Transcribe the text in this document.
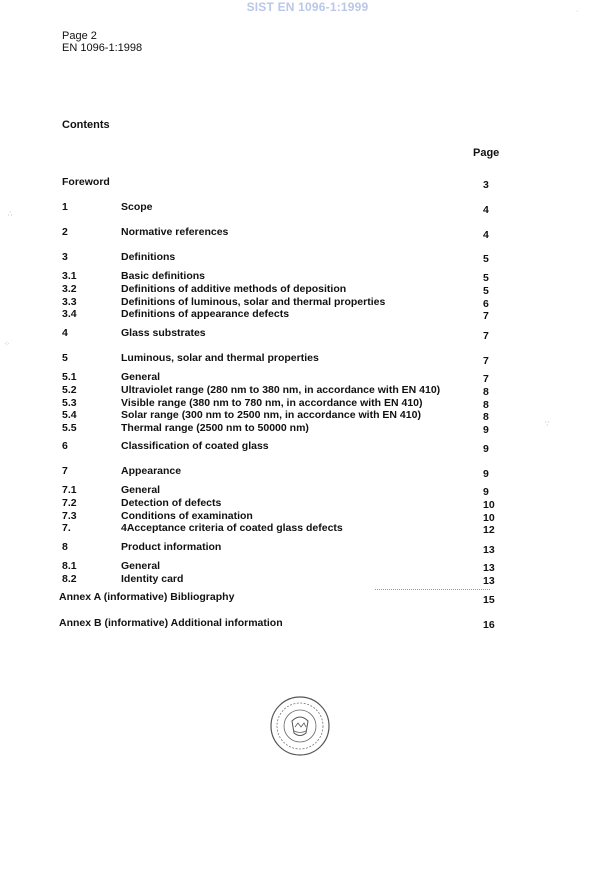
SIST EN 1096-1:1999
Page 2
EN 1096-1:1998
Contents
Page
Foreword	3
1	Scope	4
2	Normative references	4
3	Definitions	5
3.1	Basic definitions	5
3.2	Definitions of additive methods of deposition	5
3.3	Definitions of luminous, solar and thermal properties	6
3.4	Definitions of appearance defects	7
4	Glass substrates	7
5	Luminous, solar and thermal properties	7
5.1	General	7
5.2	Ultraviolet range (280 nm to 380 nm, in accordance with EN 410)	8
5.3	Visible range (380 nm to 780 nm, in accordance with EN 410)	8
5.4	Solar range (300 nm to 2500 nm, in accordance with EN 410)	8
5.5	Thermal range (2500 nm to 50000 nm)	9
6	Classification of coated glass	9
7	Appearance	9
7.1	General	9
7.2	Detection of defects	10
7.3	Conditions of examination	10
7.	4Acceptance criteria of coated glass defects	12
8	Product information	13
8.1	General	13
8.2	Identity card	13
Annex A (informative) Bibliography	15
Annex B (informative) Additional information	16
∴
⁘
·
∵
